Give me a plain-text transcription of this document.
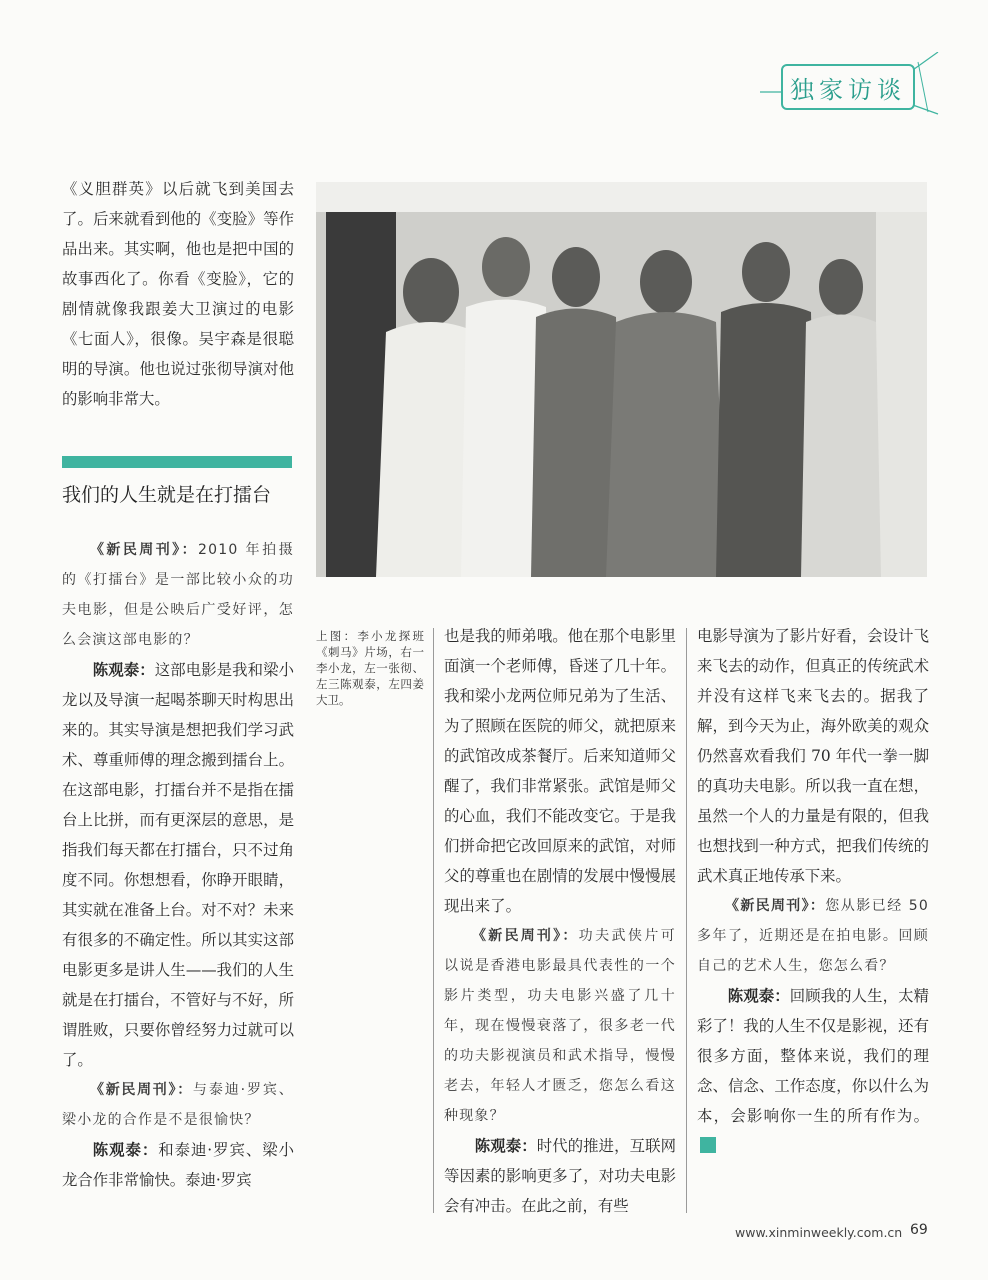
独家访谈

《义胆群英》以后就飞到美国去了。后来就看到他的《变脸》等作品出来。其实啊，他也是把中国的故事西化了。你看《变脸》，它的剧情就像我跟姜大卫演过的电影《七面人》，很像。吴宇森是很聪明的导演。他也说过张彻导演对他的影响非常大。

我们的人生就是在打擂台

《新民周刊》：2010 年拍摄的《打擂台》是一部比较小众的功夫电影，但是公映后广受好评，怎么会演这部电影的？

陈观泰：这部电影是我和梁小龙以及导演一起喝茶聊天时构思出来的。其实导演是想把我们学习武术、尊重师傅的理念搬到擂台上。在这部电影，打擂台并不是指在擂台上比拼，而有更深层的意思，是指我们每天都在打擂台，只不过角度不同。你想想看，你睁开眼睛，其实就在准备上台。对不对？未来有很多的不确定性。所以其实这部电影更多是讲人生——我们的人生就是在打擂台，不管好与不好，所谓胜败，只要你曾经努力过就可以了。

《新民周刊》：与泰迪·罗宾、梁小龙的合作是不是很愉快？

陈观泰：和泰迪·罗宾、梁小龙合作非常愉快。泰迪·罗宾

上图：李小龙探班《刺马》片场，右一李小龙，左一张彻、左三陈观泰，左四姜大卫。

也是我的师弟哦。他在那个电影里面演一个老师傅，昏迷了几十年。我和梁小龙两位师兄弟为了生活、为了照顾在医院的师父，就把原来的武馆改成茶餐厅。后来知道师父醒了，我们非常紧张。武馆是师父的心血，我们不能改变它。于是我们拼命把它改回原来的武馆，对师父的尊重也在剧情的发展中慢慢展现出来了。

《新民周刊》：功夫武侠片可以说是香港电影最具代表性的一个影片类型，功夫电影兴盛了几十年，现在慢慢衰落了，很多老一代的功夫影视演员和武术指导，慢慢老去，年轻人才匮乏，您怎么看这种现象？

陈观泰：时代的推进，互联网等因素的影响更多了，对功夫电影会有冲击。在此之前，有些

电影导演为了影片好看，会设计飞来飞去的动作，但真正的传统武术并没有这样飞来飞去的。据我了解，到今天为止，海外欧美的观众仍然喜欢看我们 70 年代一拳一脚的真功夫电影。所以我一直在想，虽然一个人的力量是有限的，但我也想找到一种方式，把我们传统的武术真正地传承下来。

《新民周刊》：您从影已经 50 多年了，近期还是在拍电影。回顾自己的艺术人生，您怎么看？

陈观泰：回顾我的人生，太精彩了！我的人生不仅是影视，还有很多方面，整体来说，我们的理念、信念、工作态度，你以什么为本，会影响你一生的所有作为。

www.xinminweekly.com.cn 69
